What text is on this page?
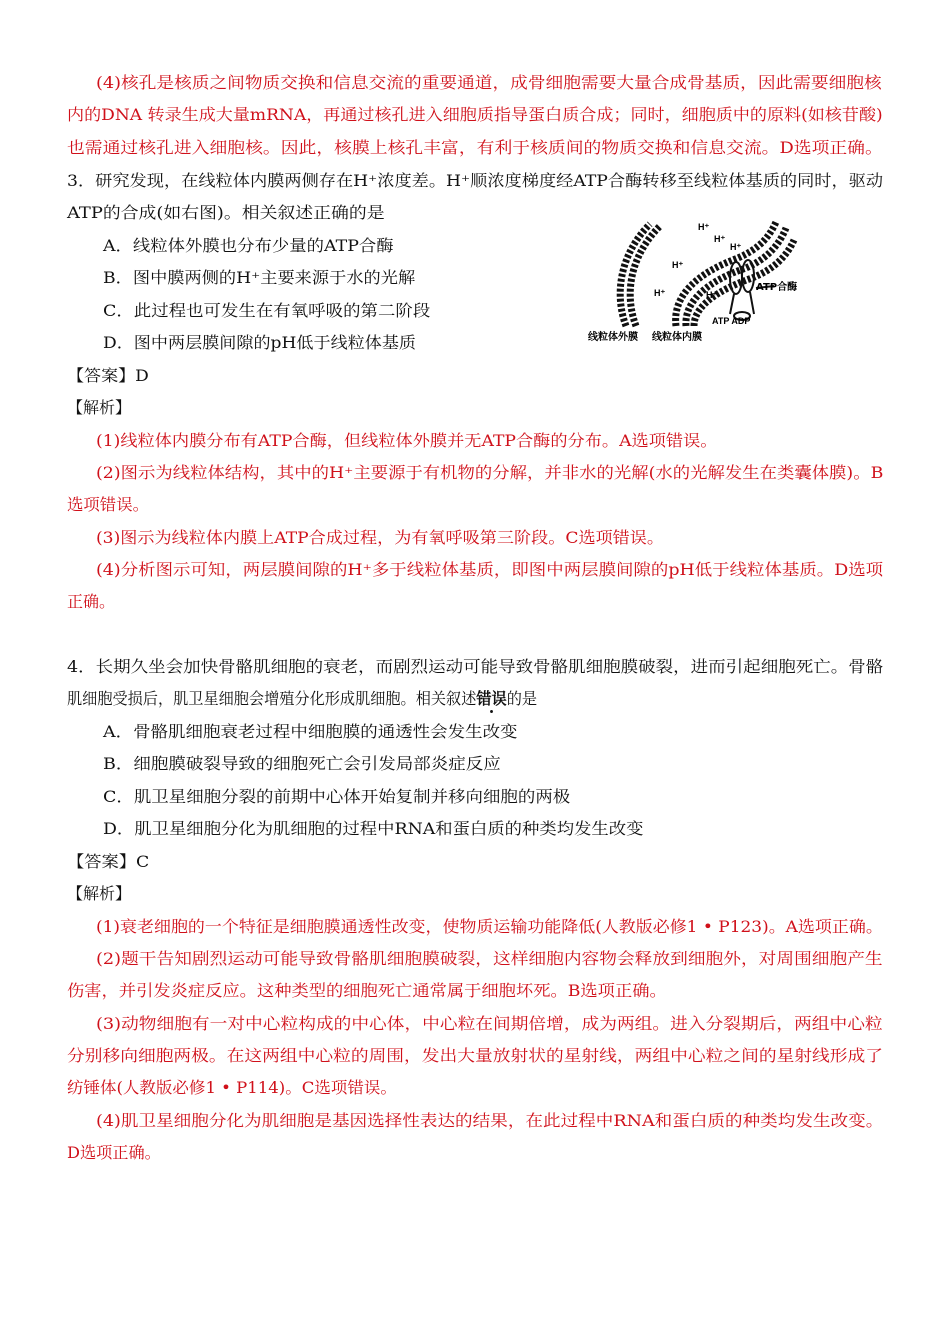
(4)核孔是核质之间物质交换和信息交流的重要通道，成骨细胞需要大量合成骨基质，因此需要细胞核
内的DNA 转录生成大量mRNA，再通过核孔进入细胞质指导蛋白质合成；同时，细胞质中的原料(如核苷酸)
也需通过核孔进入细胞核。因此，核膜上核孔丰富，有利于核质间的物质交换和信息交流。D选项正确。
3．研究发现，在线粒体内膜两侧存在H⁺浓度差。H⁺顺浓度梯度经ATP合酶转移至线粒体基质的同时，驱动
ATP的合成(如右图)。相关叙述正确的是
A．线粒体外膜也分布少量的ATP合酶
B．图中膜两侧的H⁺主要来源于水的光解
C．此过程也可发生在有氧呼吸的第二阶段
D．图中两层膜间隙的pH低于线粒体基质
【答案】D
【解析】
(1)线粒体内膜分布有ATP合酶，但线粒体外膜并无ATP合酶的分布。A选项错误。
(2)图示为线粒体结构，其中的H⁺主要源于有机物的分解，并非水的光解(水的光解发生在类囊体膜)。B
选项错误。
(3)图示为线粒体内膜上ATP合成过程，为有氧呼吸第三阶段。C选项错误。
(4)分析图示可知，两层膜间隙的H⁺多于线粒体基质，即图中两层膜间隙的pH低于线粒体基质。D选项
正确。
4．长期久坐会加快骨骼肌细胞的衰老，而剧烈运动可能导致骨骼肌细胞膜破裂，进而引起细胞死亡。骨骼
肌细胞受损后，肌卫星细胞会增殖分化形成肌细胞。相关叙述错误的是
A．骨骼肌细胞衰老过程中细胞膜的通透性会发生改变
B．细胞膜破裂导致的细胞死亡会引发局部炎症反应
C．肌卫星细胞分裂的前期中心体开始复制并移向细胞的两极
D．肌卫星细胞分化为肌细胞的过程中RNA和蛋白质的种类均发生改变
【答案】C
【解析】
(1)衰老细胞的一个特征是细胞膜通透性改变，使物质运输功能降低(人教版必修1 • P123)。A选项正确。
(2)题干告知剧烈运动可能导致骨骼肌细胞膜破裂，这样细胞内容物会释放到细胞外，对周围细胞产生
伤害，并引发炎症反应。这种类型的细胞死亡通常属于细胞坏死。B选项正确。
(3)动物细胞有一对中心粒构成的中心体，中心粒在间期倍增，成为两组。进入分裂期后，两组中心粒
分别移向细胞两极。在这两组中心粒的周围，发出大量放射状的星射线，两组中心粒之间的星射线形成了
纺锤体(人教版必修1 • P114)。C选项错误。
(4)肌卫星细胞分化为肌细胞是基因选择性表达的结果，在此过程中RNA和蛋白质的种类均发生改变。
D选项正确。
H⁺
H⁺
H⁺
H⁺
H⁺	H⁺
ATP合酶
ATP ADP
线粒体外膜 线粒体内膜
